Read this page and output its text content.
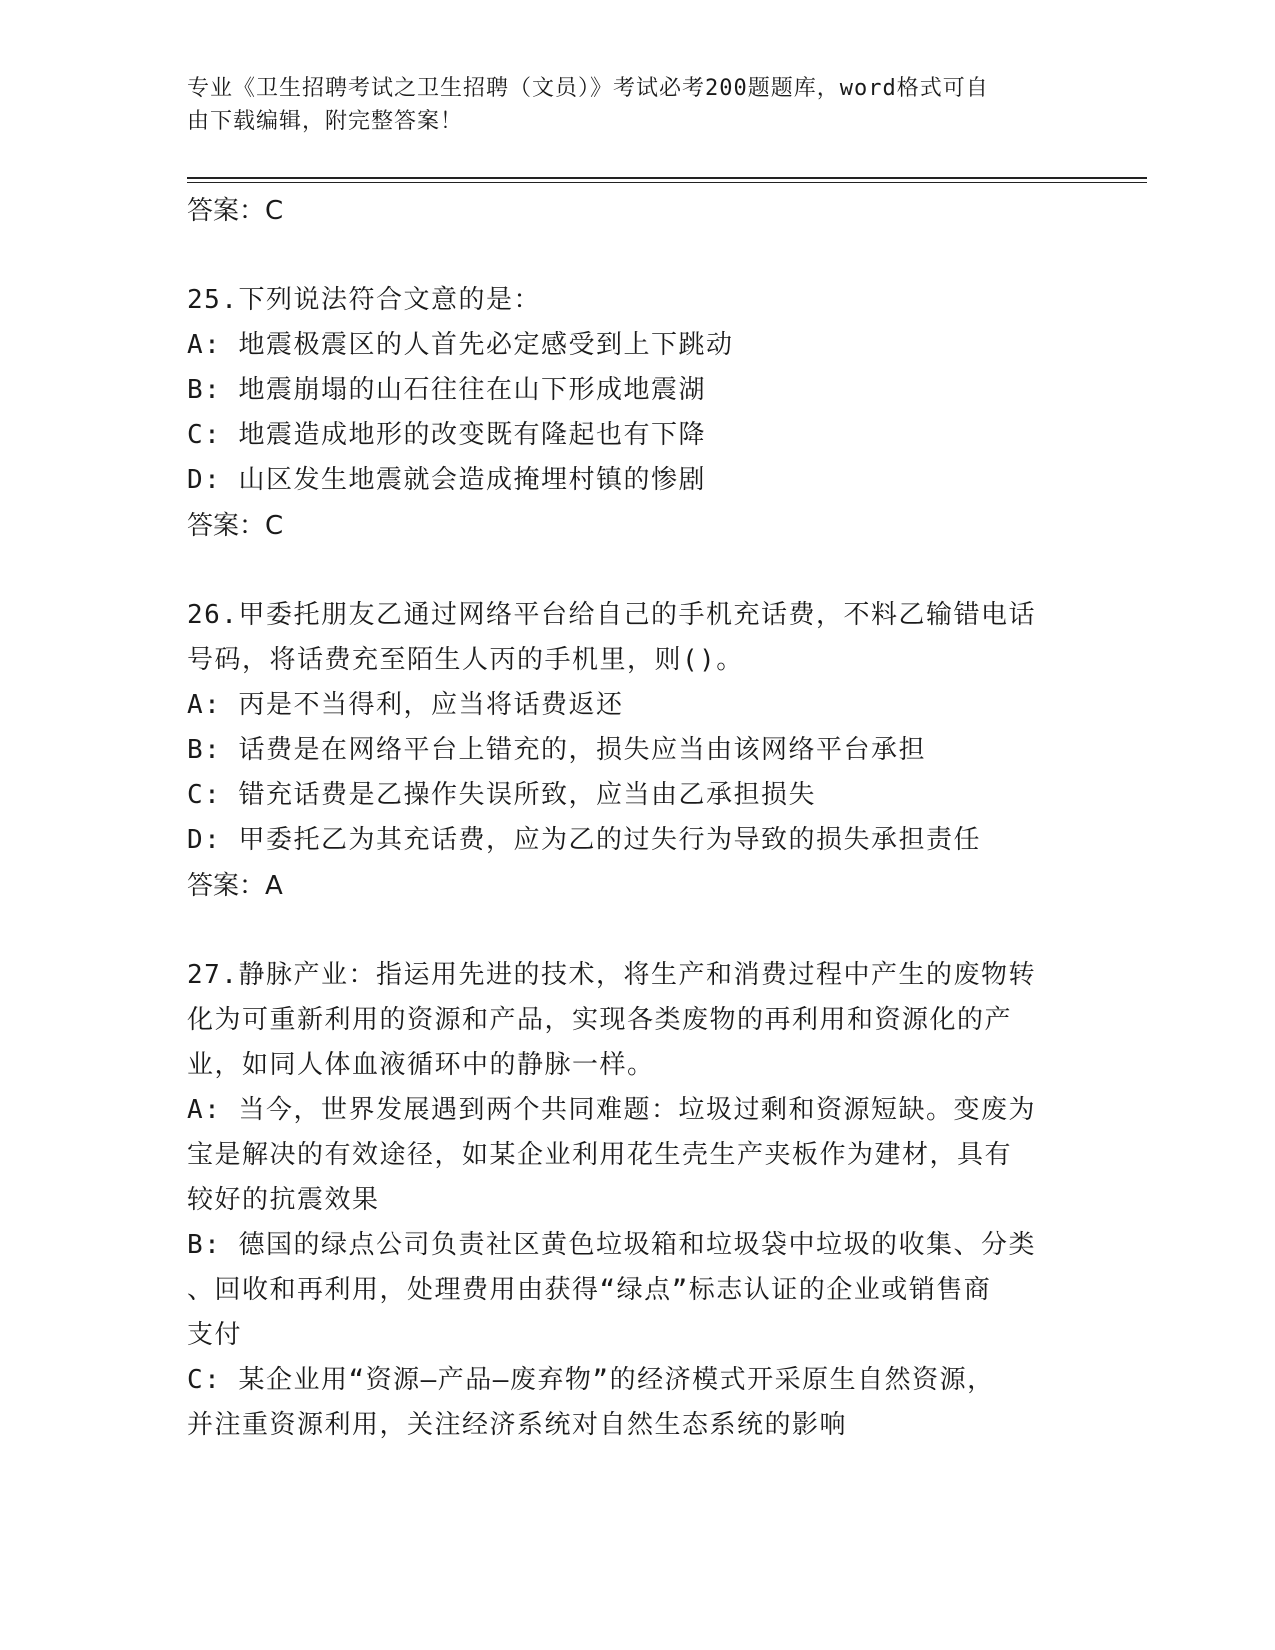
专业《卫生招聘考试之卫生招聘（文员）》考试必考200题题库，word格式可自
由下载编辑，附完整答案！

答案：C

25.下列说法符合文意的是：

A: 地震极震区的人首先必定感受到上下跳动

B: 地震崩塌的山石往往在山下形成地震湖

C: 地震造成地形的改变既有隆起也有下降

D: 山区发生地震就会造成掩埋村镇的惨剧

答案：C

26.甲委托朋友乙通过网络平台给自己的手机充话费，不料乙输错电话

号码，将话费充至陌生人丙的手机里，则()。

A: 丙是不当得利，应当将话费返还

B: 话费是在网络平台上错充的，损失应当由该网络平台承担

C: 错充话费是乙操作失误所致，应当由乙承担损失

D: 甲委托乙为其充话费，应为乙的过失行为导致的损失承担责任

答案：A

27.静脉产业：指运用先进的技术，将生产和消费过程中产生的废物转

化为可重新利用的资源和产品，实现各类废物的再利用和资源化的产

业，如同人体血液循环中的静脉一样。

A: 当今，世界发展遇到两个共同难题：垃圾过剩和资源短缺。变废为

宝是解决的有效途径，如某企业利用花生壳生产夹板作为建材，具有

较好的抗震效果

B: 德国的绿点公司负责社区黄色垃圾箱和垃圾袋中垃圾的收集、分类

、回收和再利用，处理费用由获得“绿点”标志认证的企业或销售商

支付

C: 某企业用“资源—产品—废弃物”的经济模式开采原生自然资源，

并注重资源利用，关注经济系统对自然生态系统的影响
